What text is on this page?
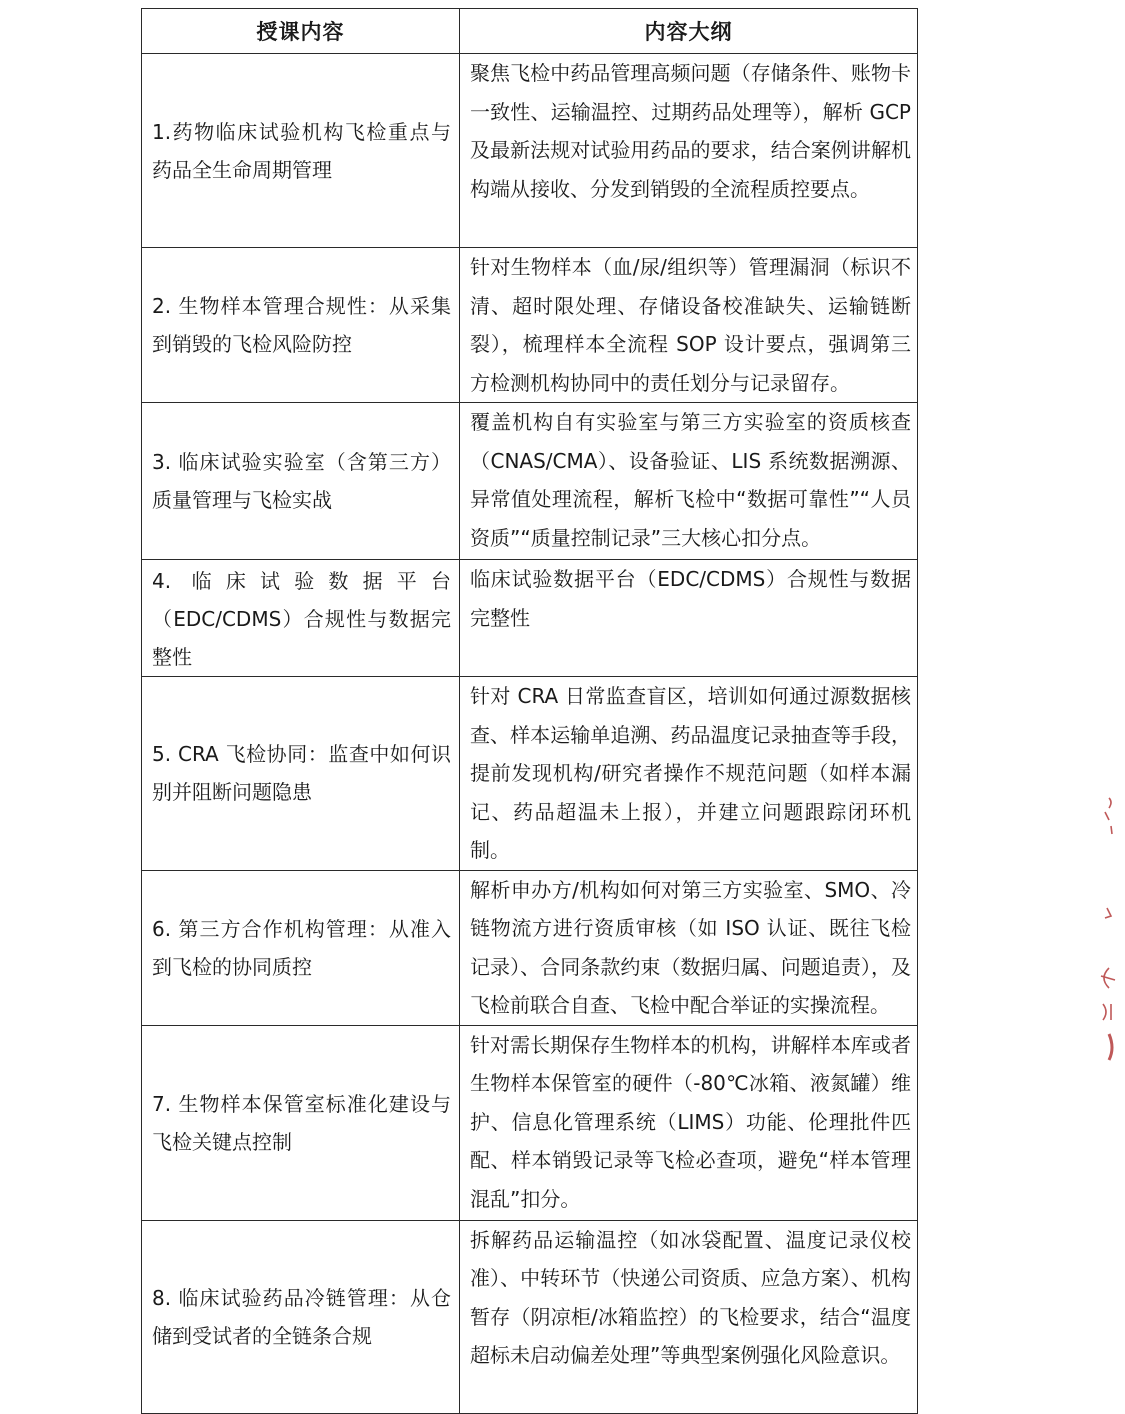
授课内容	内容大纲
1.药物临床试验机构飞检重点与药品全生命周期管理	聚焦飞检中药品管理高频问题（存储条件、账物卡一致性、运输温控、过期药品处理等），解析 GCP 及最新法规对试验用药品的要求，结合案例讲解机构端从接收、分发到销毁的全流程质控要点。

2. 生物样本管理合规性：从采集到销毁的飞检风险防控	针对生物样本（血/尿/组织等）管理漏洞（标识不清、超时限处理、存储设备校准缺失、运输链断裂），梳理样本全流程 SOP 设计要点，强调第三方检测机构协同中的责任划分与记录留存。

3. 临床试验实验室（含第三方）质量管理与飞检实战	覆盖机构自有实验室与第三方实验室的资质核查（CNAS/CMA）、设备验证、LIS 系统数据溯源、异常值处理流程，解析飞检中“数据可靠性”“人员资质”“质量控制记录”三大核心扣分点。

4. 临床试验数据平台（EDC/CDMS）合规性与数据完整性	临床试验数据平台（EDC/CDMS）合规性与数据完整性

5. CRA 飞检协同：监查中如何识别并阻断问题隐患	针对 CRA 日常监查盲区，培训如何通过源数据核查、样本运输单追溯、药品温度记录抽查等手段，提前发现机构/研究者操作不规范问题（如样本漏记、药品超温未上报），并建立问题跟踪闭环机制。

6. 第三方合作机构管理：从准入到飞检的协同质控	解析申办方/机构如何对第三方实验室、SMO、冷链物流方进行资质审核（如 ISO 认证、既往飞检记录）、合同条款约束（数据归属、问题追责），及飞检前联合自查、飞检中配合举证的实操流程。

7. 生物样本保管室标准化建设与飞检关键点控制	针对需长期保存生物样本的机构，讲解样本库或者生物样本保管室的硬件（-80℃冰箱、液氮罐）维护、信息化管理系统（LIMS）功能、伦理批件匹配、样本销毁记录等飞检必查项，避免“样本管理混乱”扣分。

8. 临床试验药品冷链管理：从仓储到受试者的全链条合规	拆解药品运输温控（如冰袋配置、温度记录仪校准）、中转环节（快递公司资质、应急方案）、机构暂存（阴凉柜/冰箱监控）的飞检要求，结合“温度超标未启动偏差处理”等典型案例强化风险意识。
